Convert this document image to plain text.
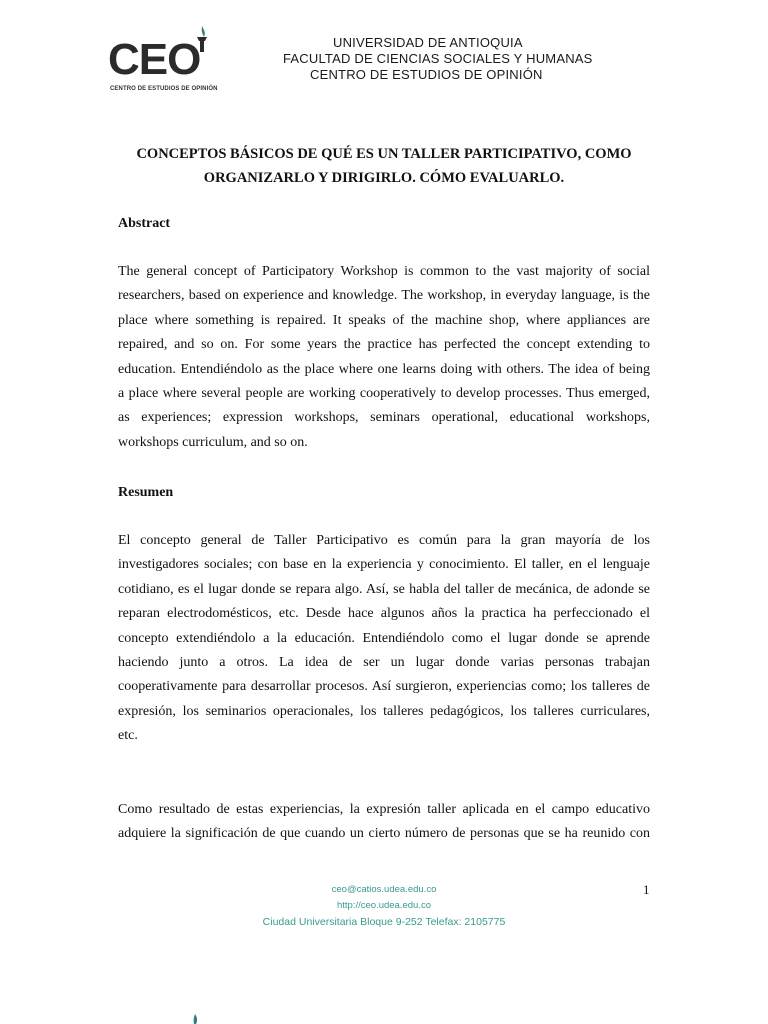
CEO
CENTRO DE ESTUDIOS DE OPINIÓN
UNIVERSIDAD DE ANTIOQUIA
FACULTAD DE CIENCIAS SOCIALES Y HUMANAS
CENTRO DE ESTUDIOS DE OPINIÓN
CONCEPTOS BÁSICOS DE QUÉ ES UN TALLER PARTICIPATIVO, COMO
ORGANIZARLO Y DIRIGIRLO. CÓMO EVALUARLO.
Abstract
The general concept of Participatory Workshop is common to the vast majority of social
researchers, based on experience and knowledge. The workshop, in everyday language, is the
place where something is repaired. It speaks of the machine shop, where appliances are
repaired, and so on. For some years the practice has perfected the concept extending to
education. Entendiéndolo as the place where one learns doing with others. The idea of being
a place where several people are working cooperatively to develop processes. Thus emerged,
as experiences; expression workshops, seminars operational, educational workshops,
workshops curriculum, and so on.
Resumen
El concepto general de Taller Participativo es común para la gran mayoría de los
investigadores sociales; con base en la experiencia y conocimiento. El taller, en el lenguaje
cotidiano, es el lugar donde se repara algo. Así, se habla del taller de mecánica, de adonde se
reparan electrodomésticos, etc. Desde hace algunos años la practica ha perfeccionado el
concepto extendiéndolo a la educación. Entendiéndolo como el lugar donde se aprende
haciendo junto a otros. La idea de ser un lugar donde varias personas trabajan
cooperativamente para desarrollar procesos. Así surgieron, experiencias como; los talleres de
expresión, los seminarios operacionales, los talleres pedagógicos, los talleres curriculares,
etc.
Como resultado de estas experiencias, la expresión taller aplicada en el campo educativo
adquiere la significación de que cuando un cierto número de personas que se ha reunido con
ceo@catios.udea.edu.co
http://ceo.udea.edu.co
Ciudad Universitaria Bloque 9-252 Telefax: 2105775
1
